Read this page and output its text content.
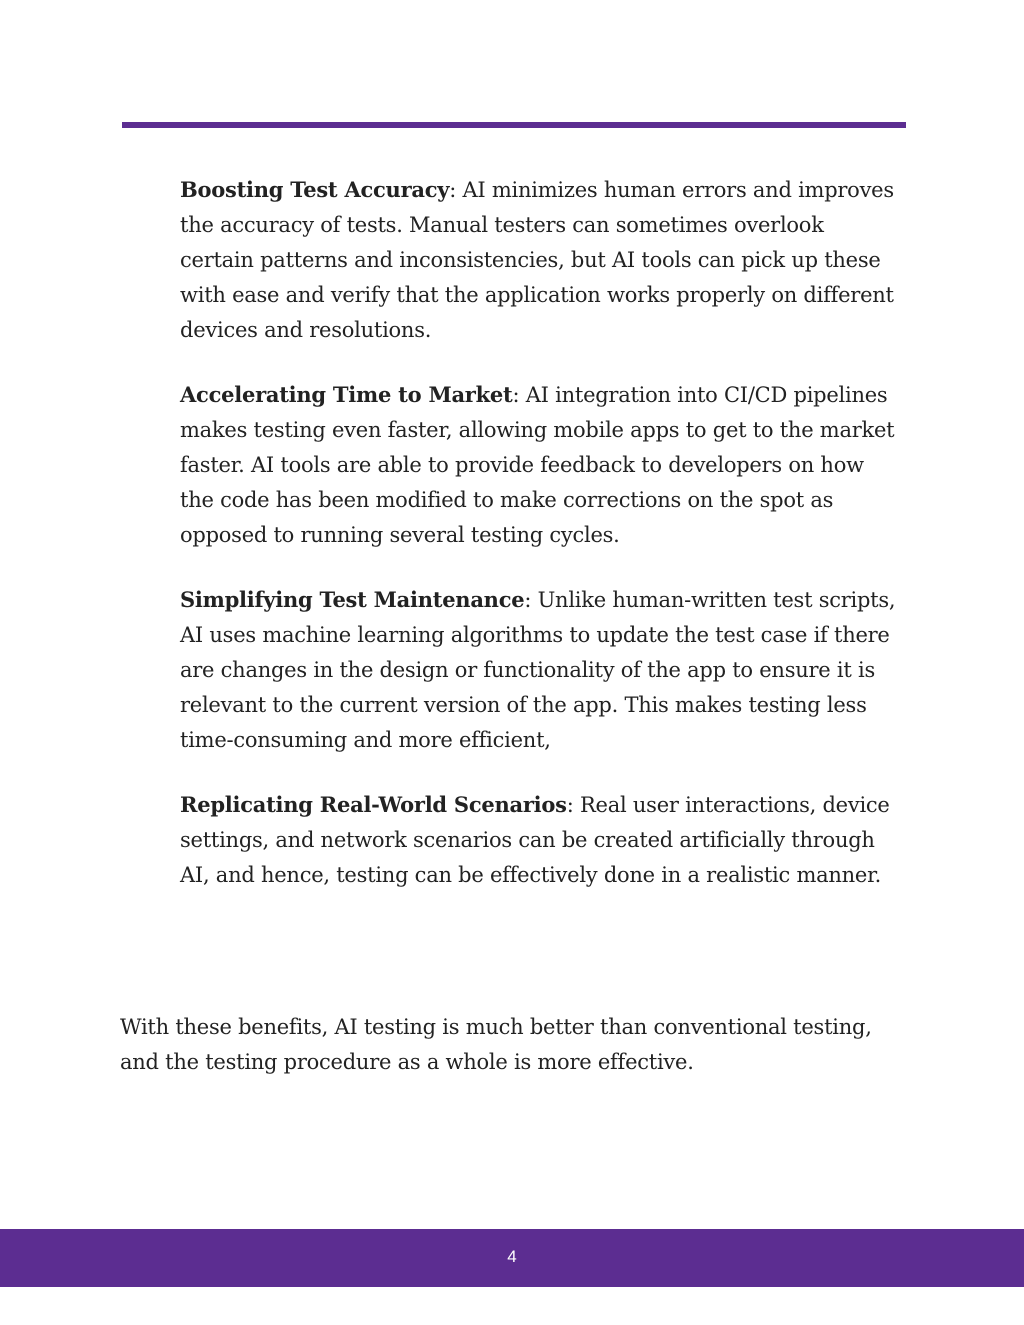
Boosting Test Accuracy: AI minimizes human errors and improves the accuracy of tests. Manual testers can sometimes overlook certain patterns and inconsistencies, but AI tools can pick up these with ease and verify that the application works properly on different devices and resolutions.

Accelerating Time to Market: AI integration into CI/CD pipelines makes testing even faster, allowing mobile apps to get to the market faster. AI tools are able to provide feedback to developers on how the code has been modified to make corrections on the spot as opposed to running several testing cycles.

Simplifying Test Maintenance: Unlike human-written test scripts, AI uses machine learning algorithms to update the test case if there are changes in the design or functionality of the app to ensure it is relevant to the current version of the app. This makes testing less time-consuming and more efficient,

Replicating Real-World Scenarios: Real user interactions, device settings, and network scenarios can be created artificially through AI, and hence, testing can be effectively done in a realistic manner.

With these benefits, AI testing is much better than conventional testing, and the testing procedure as a whole is more effective.

4
